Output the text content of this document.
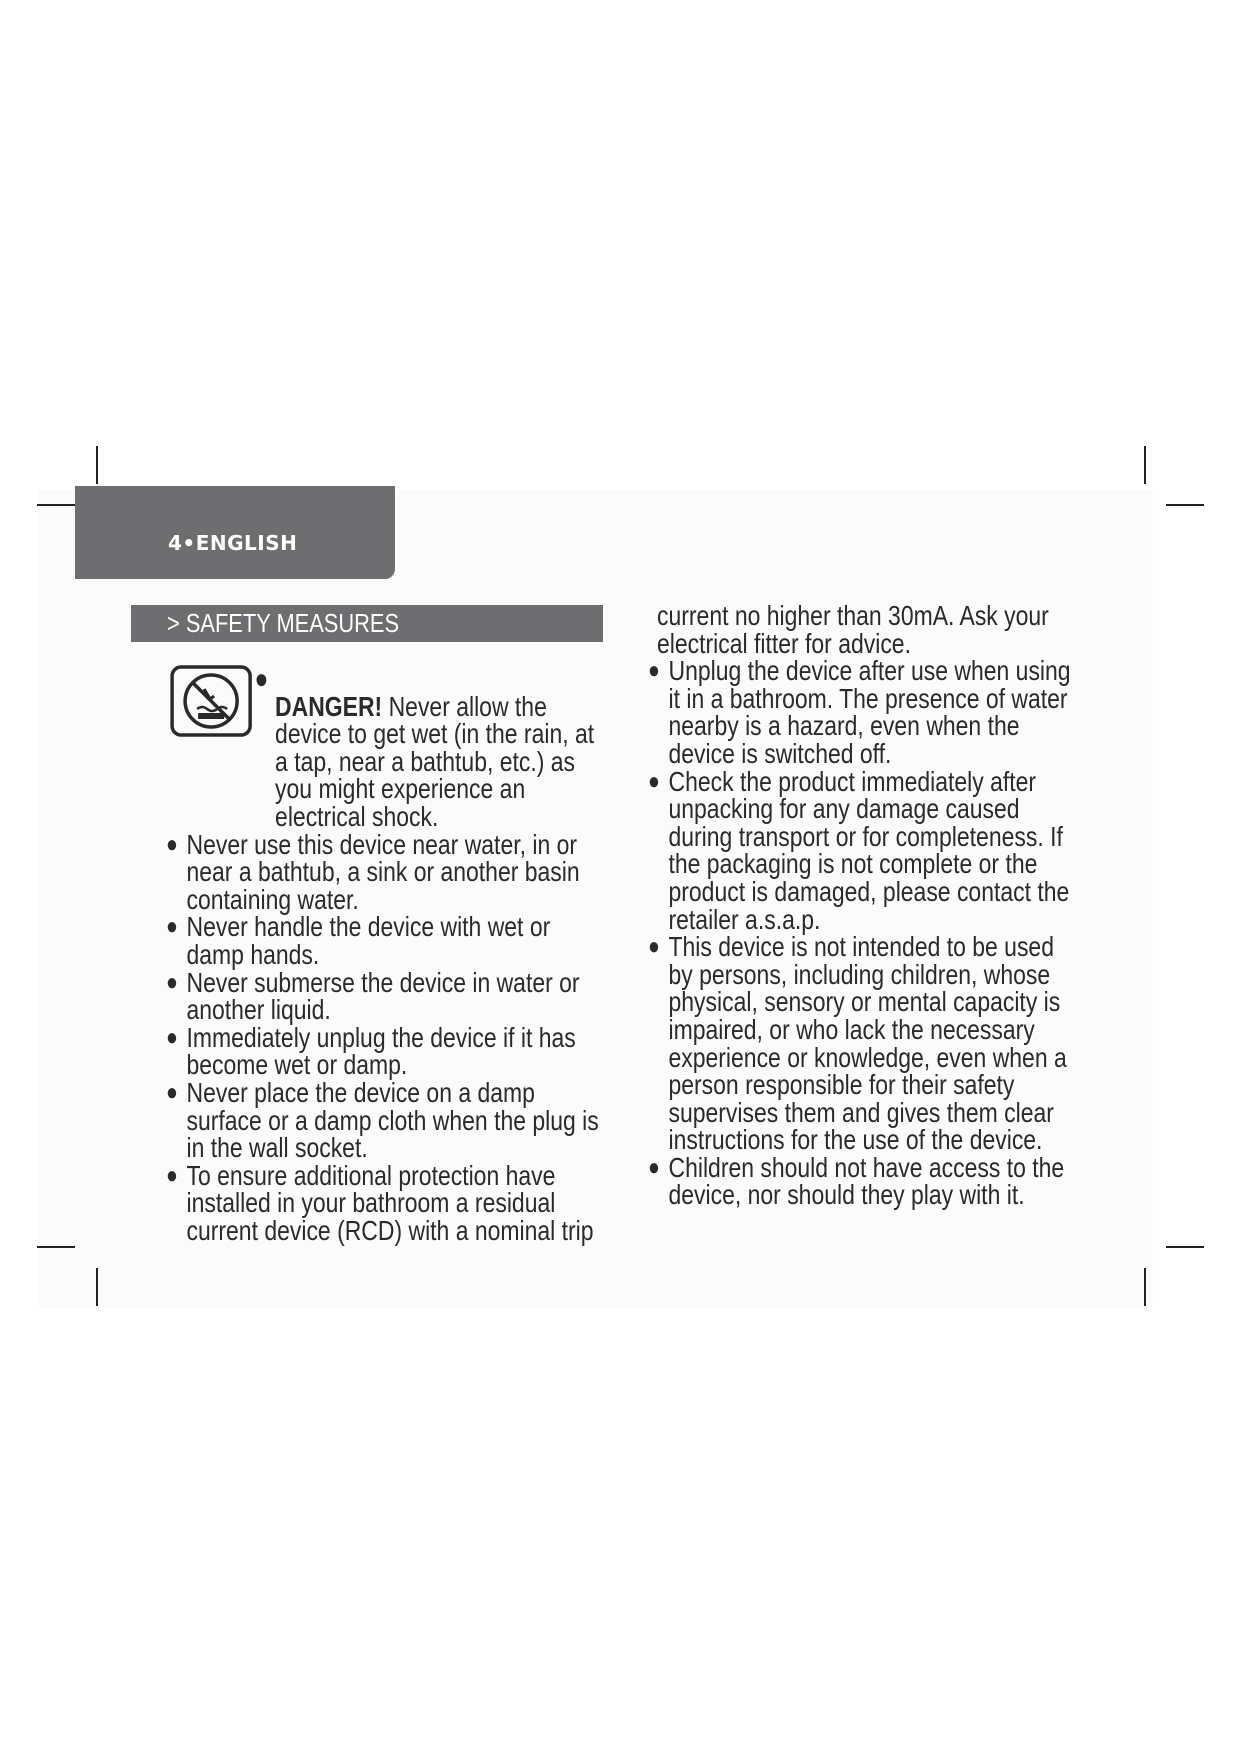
4•ENGLISH
> SAFETY MEASURES
●
DANGER! Never allow the device to get wet (in the rain, at a tap, near a bathtub, etc.) as you might experience an electrical shock.
● Never use this device near water, in or near a bathtub, a sink or another basin containing water.
● Never handle the device with wet or damp hands.
● Never submerse the device in water or another liquid.
● Immediately unplug the device if it has become wet or damp.
● Never place the device on a damp surface or a damp cloth when the plug is in the wall socket.
● To ensure additional protection have installed in your bathroom a residual current device (RCD) with a nominal trip
current no higher than 30mA. Ask your electrical fitter for advice.
● Unplug the device after use when using it in a bathroom. The presence of water nearby is a hazard, even when the device is switched off.
● Check the product immediately after unpacking for any damage caused during transport or for completeness. If the packaging is not complete or the product is damaged, please contact the retailer a.s.a.p.
● This device is not intended to be used by persons, including children, whose physical, sensory or mental capacity is impaired, or who lack the necessary experience or knowledge, even when a person responsible for their safety supervises them and gives them clear instructions for the use of the device.
● Children should not have access to the device, nor should they play with it.
